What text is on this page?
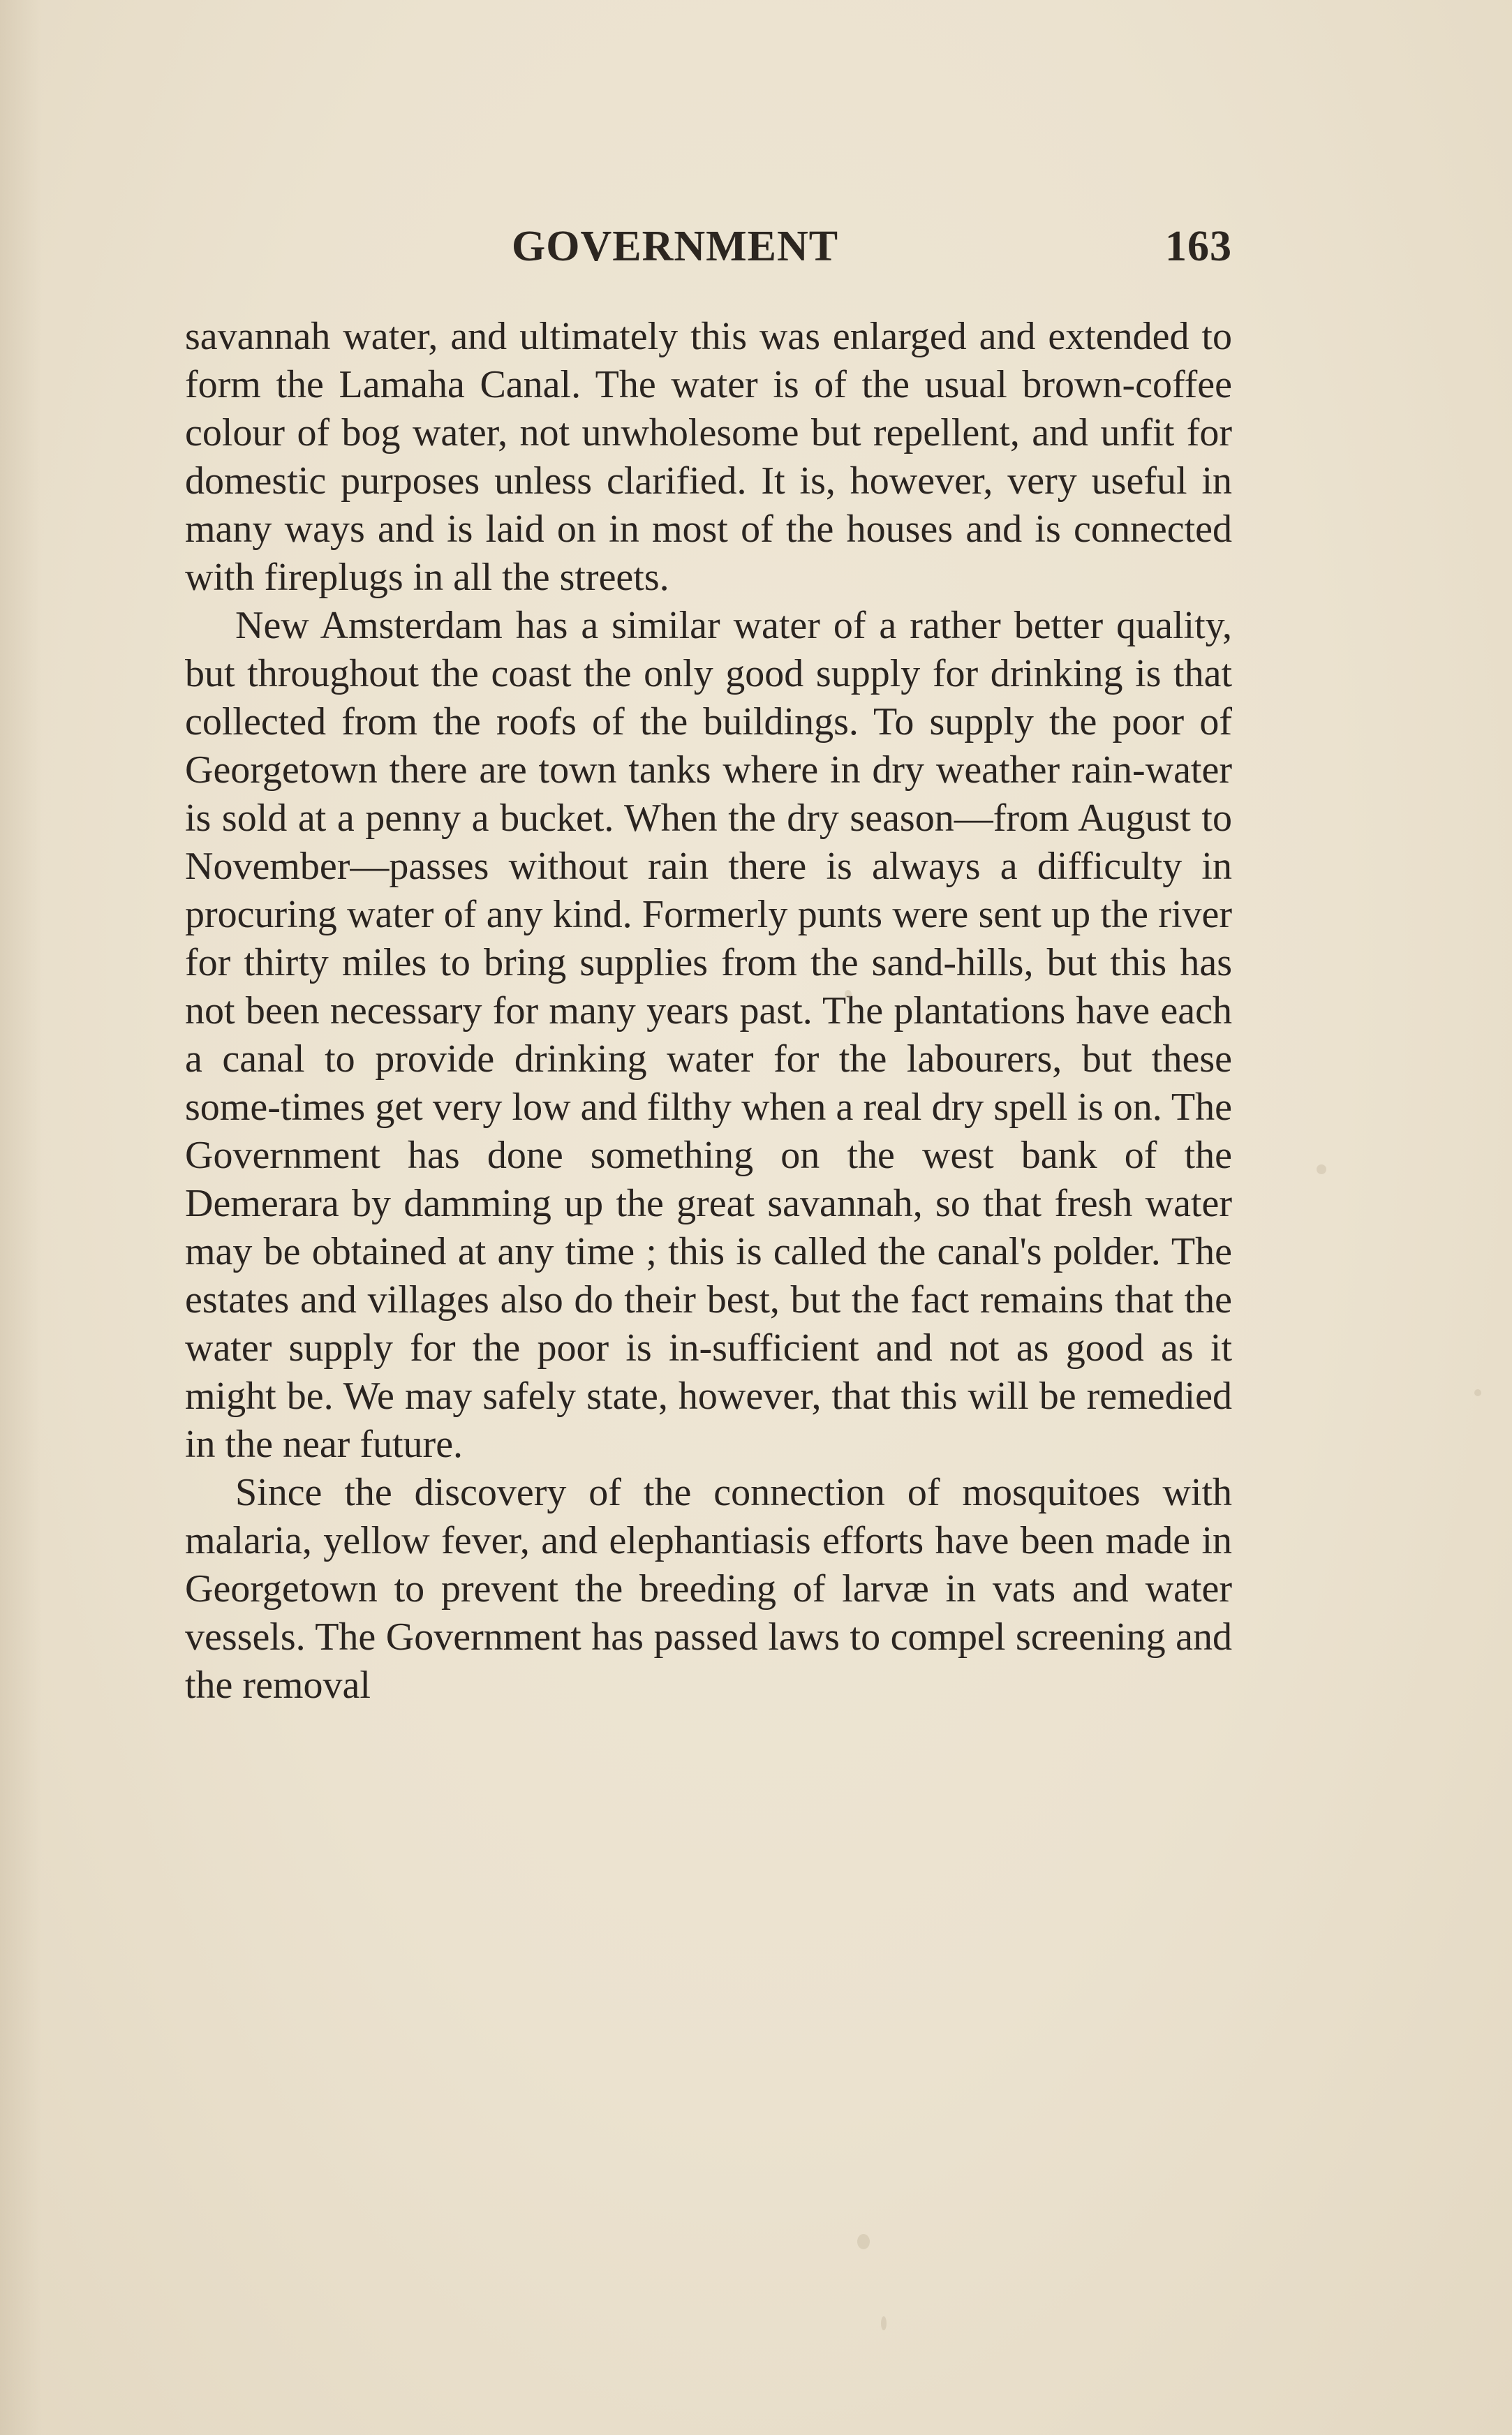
GOVERNMENT	163

savannah water, and ultimately this was enlarged and extended to form the Lamaha Canal. The water is of the usual brown-coffee colour of bog water, not unwholesome but repellent, and unfit for domestic purposes unless clarified. It is, however, very useful in many ways and is laid on in most of the houses and is connected with fireplugs in all the streets.

New Amsterdam has a similar water of a rather better quality, but throughout the coast the only good supply for drinking is that collected from the roofs of the buildings. To supply the poor of Georgetown there are town tanks where in dry weather rain-water is sold at a penny a bucket. When the dry season—from August to November—passes without rain there is always a difficulty in procuring water of any kind. Formerly punts were sent up the river for thirty miles to bring supplies from the sand-hills, but this has not been necessary for many years past. The plantations have each a canal to provide drinking water for the labourers, but these some-times get very low and filthy when a real dry spell is on. The Government has done something on the west bank of the Demerara by damming up the great savannah, so that fresh water may be obtained at any time ; this is called the canal's polder. The estates and villages also do their best, but the fact remains that the water supply for the poor is in-sufficient and not as good as it might be. We may safely state, however, that this will be remedied in the near future.

Since the discovery of the connection of mosquitoes with malaria, yellow fever, and elephantiasis efforts have been made in Georgetown to prevent the breeding of larvæ in vats and water vessels. The Government has passed laws to compel screening and the removal
